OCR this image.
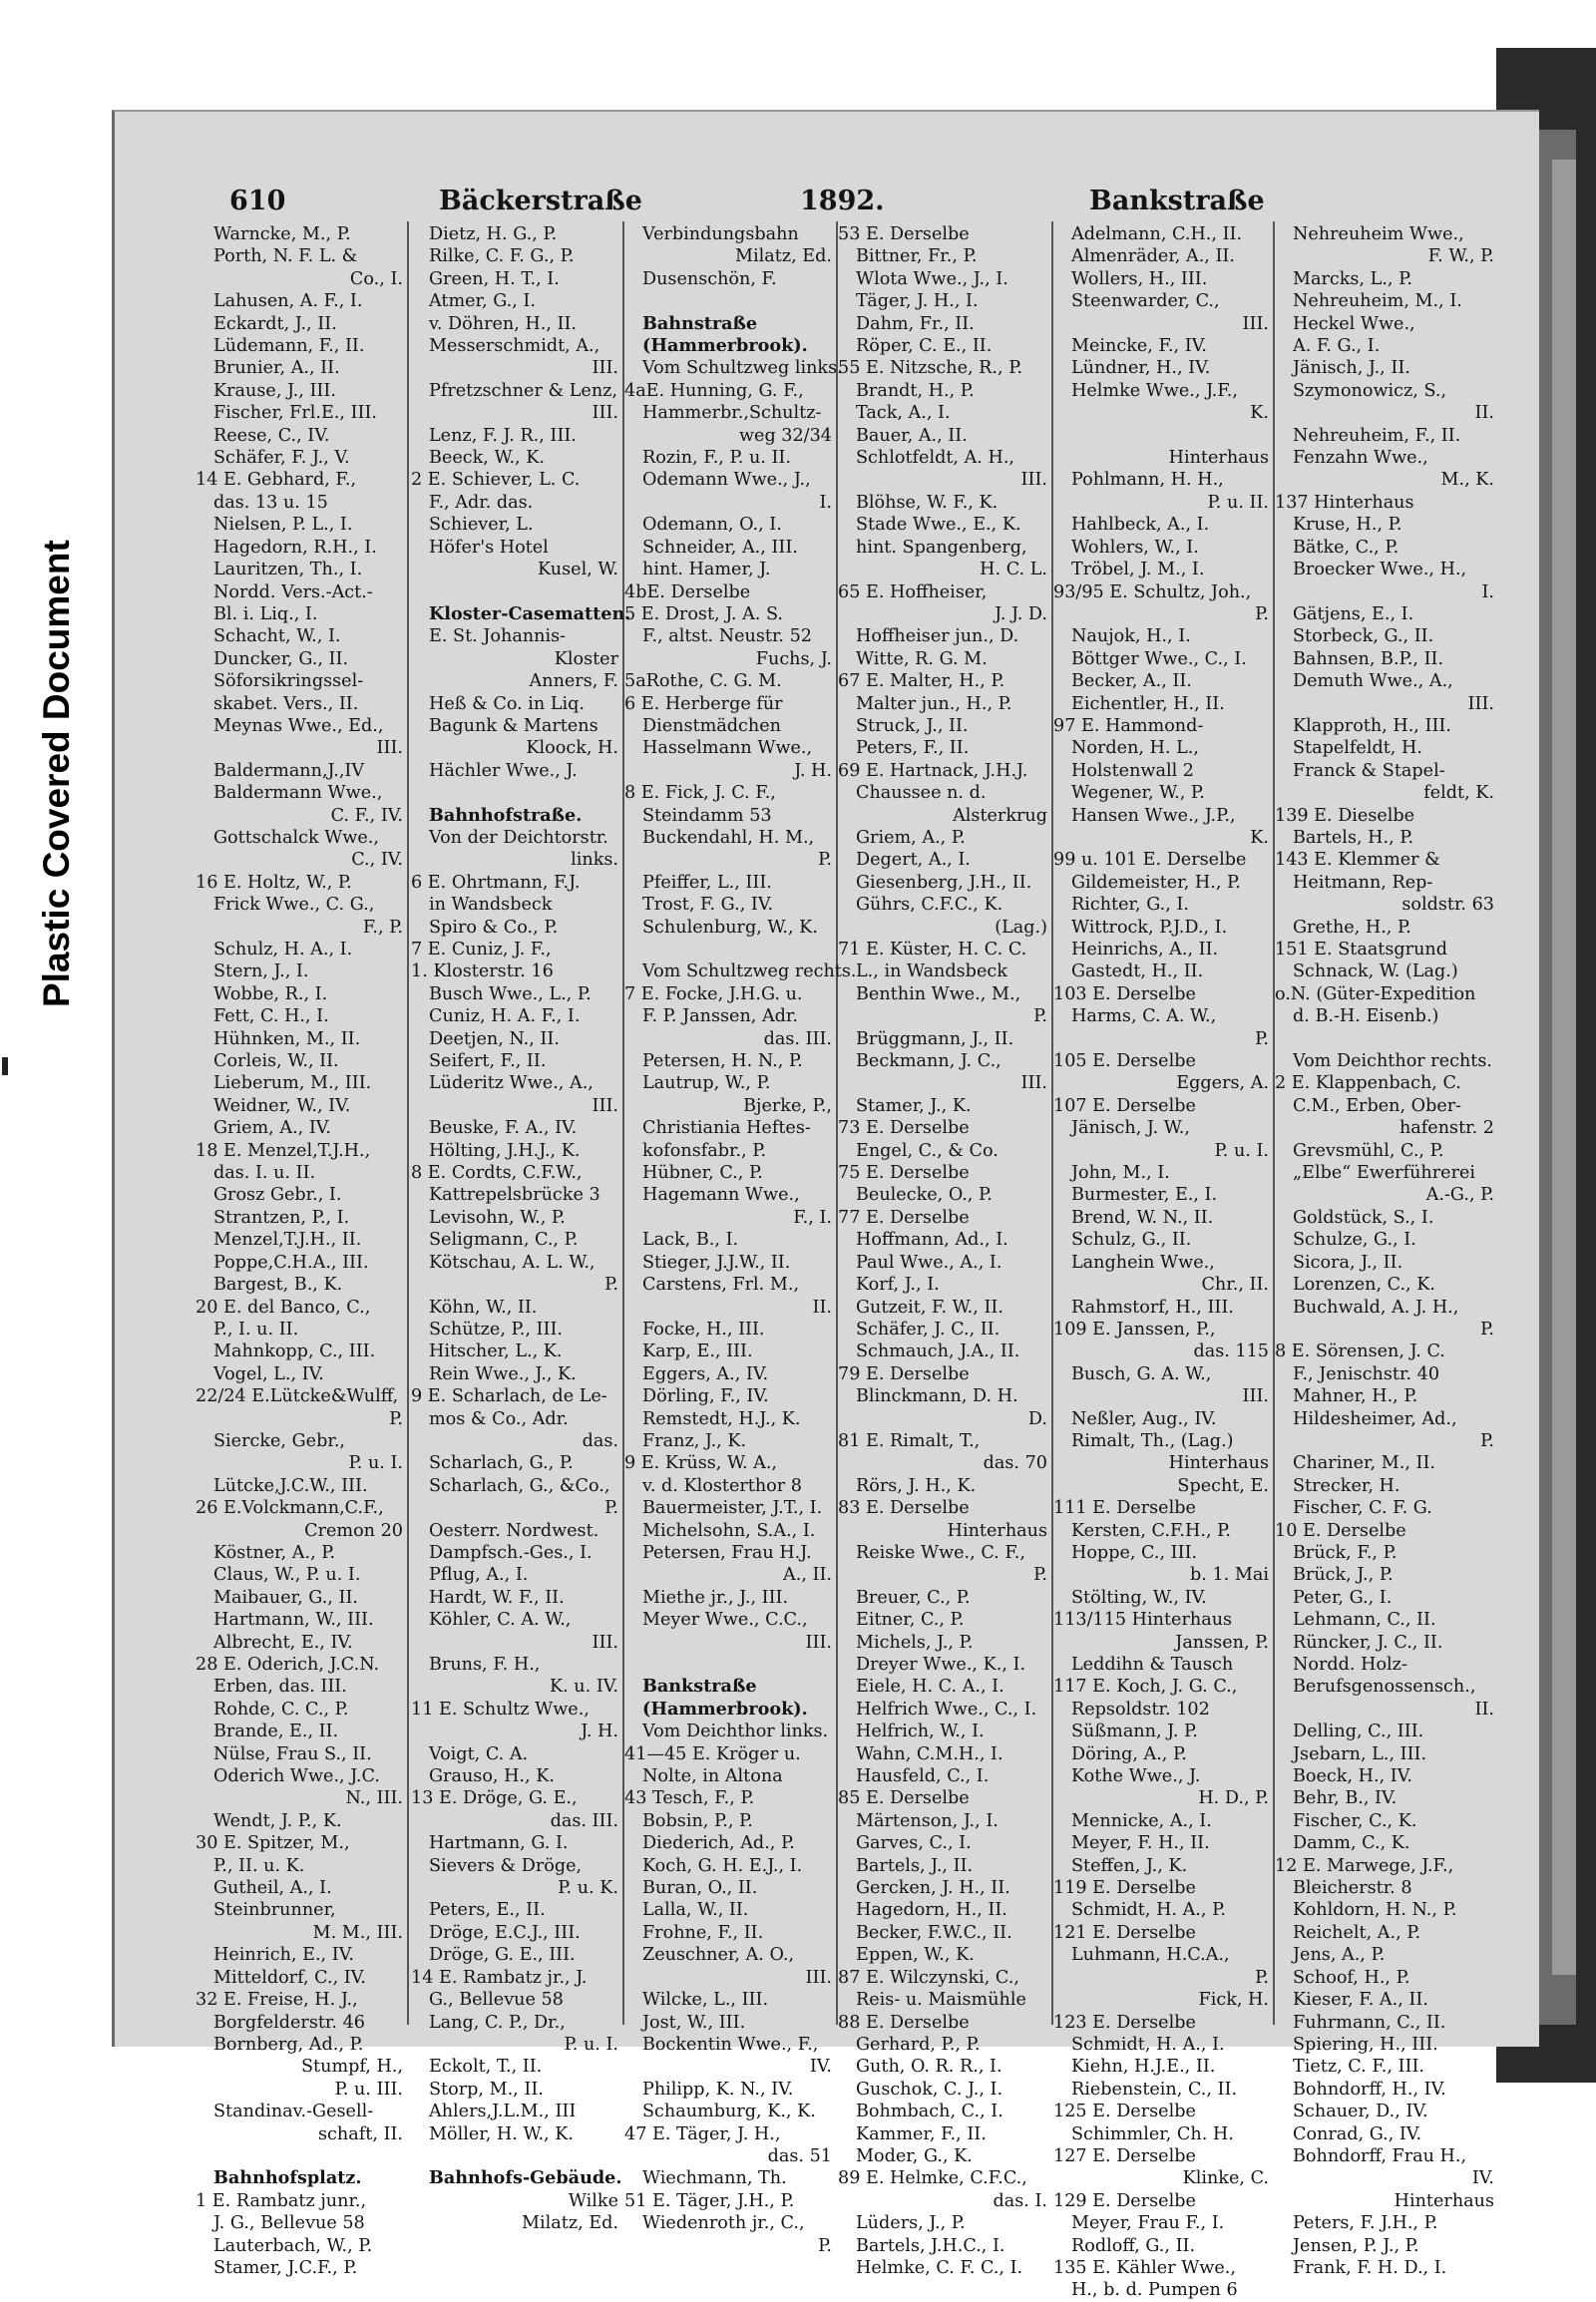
Plastic Covered Document
610	Bäckerstraße	1892.	Bankstraße
Warncke, M., P.
Porth, N. F. L. &
Co., I.
Lahusen, A. F., I.
Eckardt, J., II.
Lüdemann, F., II.
Brunier, A., II.
Krause, J., III.
Fischer, Frl.E., III.
Reese, C., IV.
Schäfer, F. J., V.
14 E. Gebhard, F.,
das. 13 u. 15
Nielsen, P. L., I.
Hagedorn, R.H., I.
Lauritzen, Th., I.
Nordd. Vers.-Act.-
Bl. i. Liq., I.
Schacht, W., I.
Duncker, G., II.
Söforsikringssel-
skabet. Vers., II.
Meynas Wwe., Ed.,
III.
Baldermann,J.,IV
Baldermann Wwe.,
C. F., IV.
Gottschalck Wwe.,
C., IV.
16 E. Holtz, W., P.
Frick Wwe., C. G.,
F., P.
Schulz, H. A., I.
Stern, J., I.
Wobbe, R., I.
Fett, C. H., I.
Hühnken, M., II.
Corleis, W., II.
Lieberum, M., III.
Weidner, W., IV.
Griem, A., IV.
18 E. Menzel,T.J.H.,
das. I. u. II.
Grosz Gebr., I.
Strantzen, P., I.
Menzel,T.J.H., II.
Poppe,C.H.A., III.
Bargest, B., K.
20 E. del Banco, C.,
P., I. u. II.
Mahnkopp, C., III.
Vogel, L., IV.
22/24 E.Lütcke&Wulff,
P.
Siercke, Gebr.,
P. u. I.
Lütcke,J.C.W., III.
26 E.Volckmann,C.F.,
Cremon 20
Köstner, A., P.
Claus, W., P. u. I.
Maibauer, G., II.
Hartmann, W., III.
Albrecht, E., IV.
28 E. Oderich, J.C.N.
Erben, das. III.
Rohde, C. C., P.
Brande, E., II.
Nülse, Frau S., II.
Oderich Wwe., J.C.
N., III.
Wendt, J. P., K.
30 E. Spitzer, M.,
P., II. u. K.
Gutheil, A., I.
Steinbrunner,
M. M., III.
Heinrich, E., IV.
Mitteldorf, C., IV.
32 E. Freise, H. J.,
Borgfelderstr. 46
Bornberg, Ad., P.
Stumpf, H.,
P. u. III.
Standinav.-Gesell-
schaft, II.

Bahnhofsplatz.
1 E. Rambatz junr.,
J. G., Bellevue 58
Lauterbach, W., P.
Stamer, J.C.F., P.
Dietz, H. G., P.
Rilke, C. F. G., P.
Green, H. T., I.
Atmer, G., I.
v. Döhren, H., II.
Messerschmidt, A.,
III.
Pfretzschner & Lenz,
III.
Lenz, F. J. R., III.
Beeck, W., K.
2 E. Schiever, L. C.
F., Adr. das.
Schiever, L.
Höfer's Hotel
Kusel, W.

Kloster-Casematten.
E. St. Johannis-
Kloster
Anners, F.
Heß & Co. in Liq.
Bagunk & Martens
Kloock, H.
Hächler Wwe., J.

Bahnhofstraße.
Von der Deichtorstr.
links.
6 E. Ohrtmann, F.J.
in Wandsbeck
Spiro & Co., P.
7 E. Cuniz, J. F.,
1. Klosterstr. 16
Busch Wwe., L., P.
Cuniz, H. A. F., I.
Deetjen, N., II.
Seifert, F., II.
Lüderitz Wwe., A.,
III.
Beuske, F. A., IV.
Hölting, J.H.J., K.
8 E. Cordts, C.F.W.,
Kattrepelsbrücke 3
Levisohn, W., P.
Seligmann, C., P.
Kötschau, A. L. W.,
P.
Köhn, W., II.
Schütze, P., III.
Hitscher, L., K.
Rein Wwe., J., K.
9 E. Scharlach, de Le-
mos & Co., Adr.
das.
Scharlach, G., P.
Scharlach, G., &Co.,
P.
Oesterr. Nordwest.
Dampfsch.-Ges., I.
Pflug, A., I.
Hardt, W. F., II.
Köhler, C. A. W.,
III.
Bruns, F. H.,
K. u. IV.
11 E. Schultz Wwe.,
J. H.
Voigt, C. A.
Grauso, H., K.
13 E. Dröge, G. E.,
das. III.
Hartmann, G. I.
Sievers & Dröge,
P. u. K.
Peters, E., II.
Dröge, E.C.J., III.
Dröge, G. E., III.
14 E. Rambatz jr., J.
G., Bellevue 58
Lang, C. P., Dr.,
P. u. I.
Eckolt, T., II.
Storp, M., II.
Ahlers,J.L.M., III
Möller, H. W., K.

Bahnhofs-Gebäude.
Wilke
Milatz, Ed.
Verbindungsbahn
Milatz, Ed.
Dusenschön, F.

Bahnstraße
(Hammerbrook).
Vom Schultzweg links.
4aE. Hunning, G. F.,
Hammerbr.,Schultz-
weg 32/34
Rozin, F., P. u. II.
Odemann Wwe., J.,
I.
Odemann, O., I.
Schneider, A., III.
hint. Hamer, J.
4bE. Derselbe
5 E. Drost, J. A. S.
F., altst. Neustr. 52
Fuchs, J.
5aRothe, C. G. M.
6 E. Herberge für
Dienstmädchen
Hasselmann Wwe.,
J. H.
8 E. Fick, J. C. F.,
Steindamm 53
Buckendahl, H. M.,
P.
Pfeiffer, L., III.
Trost, F. G., IV.
Schulenburg, W., K.

Vom Schultzweg rechts.
7 E. Focke, J.H.G. u.
F. P. Janssen, Adr.
das. III.
Petersen, H. N., P.
Lautrup, W., P.
Bjerke, P.,
Christiania Heftes-
kofonsfabr., P.
Hübner, C., P.
Hagemann Wwe.,
F., I.
Lack, B., I.
Stieger, J.J.W., II.
Carstens, Frl. M.,
II.
Focke, H., III.
Karp, E., III.
Eggers, A., IV.
Dörling, F., IV.
Remstedt, H.J., K.
Franz, J., K.
9 E. Krüss, W. A.,
v. d. Klosterthor 8
Bauermeister, J.T., I.
Michelsohn, S.A., I.
Petersen, Frau H.J.
A., II.
Miethe jr., J., III.
Meyer Wwe., C.C.,
III.

Bankstraße
(Hammerbrook).
Vom Deichthor links.
41—45 E. Kröger u.
Nolte, in Altona
43 Tesch, F., P.
Bobsin, P., P.
Diederich, Ad., P.
Koch, G. H. E.J., I.
Buran, O., II.
Lalla, W., II.
Frohne, F., II.
Zeuschner, A. O.,
III.
Wilcke, L., III.
Jost, W., III.
Bockentin Wwe., F.,
IV.
Philipp, K. N., IV.
Schaumburg, K., K.
47 E. Täger, J. H.,
das. 51
Wiechmann, Th.
51 E. Täger, J.H., P.
Wiedenroth jr., C.,
P.
53 E. Derselbe
Bittner, Fr., P.
Wlota Wwe., J., I.
Täger, J. H., I.
Dahm, Fr., II.
Röper, C. E., II.
55 E. Nitzsche, R., P.
Brandt, H., P.
Tack, A., I.
Bauer, A., II.
Schlotfeldt, A. H.,
III.
Blöhse, W. F., K.
Stade Wwe., E., K.
hint. Spangenberg,
H. C. L.
65 E. Hoffheiser,
J. J. D.
Hoffheiser jun., D.
Witte, R. G. M.
67 E. Malter, H., P.
Malter jun., H., P.
Struck, J., II.
Peters, F., II.
69 E. Hartnack, J.H.J.
Chaussee n. d.
Alsterkrug
Griem, A., P.
Degert, A., I.
Giesenberg, J.H., II.
Gührs, C.F.C., K.
(Lag.)
71 E. Küster, H. C. C.
L., in Wandsbeck
Benthin Wwe., M.,
P.
Brüggmann, J., II.
Beckmann, J. C.,
III.
Stamer, J., K.
73 E. Derselbe
Engel, C., & Co.
75 E. Derselbe
Beulecke, O., P.
77 E. Derselbe
Hoffmann, Ad., I.
Paul Wwe., A., I.
Korf, J., I.
Gutzeit, F. W., II.
Schäfer, J. C., II.
Schmauch, J.A., II.
79 E. Derselbe
Blinckmann, D. H.
D.
81 E. Rimalt, T.,
das. 70
Rörs, J. H., K.
83 E. Derselbe
Hinterhaus
Reiske Wwe., C. F.,
P.
Breuer, C., P.
Eitner, C., P.
Michels, J., P.
Dreyer Wwe., K., I.
Eiele, H. C. A., I.
Helfrich Wwe., C., I.
Helfrich, W., I.
Wahn, C.M.H., I.
Hausfeld, C., I.
85 E. Derselbe
Märtenson, J., I.
Garves, C., I.
Bartels, J., II.
Gercken, J. H., II.
Hagedorn, H., II.
Becker, F.W.C., II.
Eppen, W., K.
87 E. Wilczynski, C.,
Reis- u. Maismühle
88 E. Derselbe
Gerhard, P., P.
Guth, O. R. R., I.
Guschok, C. J., I.
Bohmbach, C., I.
Kammer, F., II.
Moder, G., K.
89 E. Helmke, C.F.C.,
das. I.
Lüders, J., P.
Bartels, J.H.C., I.
Helmke, C. F. C., I.
Adelmann, C.H., II.
Almenräder, A., II.
Wollers, H., III.
Steenwarder, C.,
III.
Meincke, F., IV.
Lündner, H., IV.
Helmke Wwe., J.F.,
K.

Hinterhaus
Pohlmann, H. H.,
P. u. II.
Hahlbeck, A., I.
Wohlers, W., I.
Tröbel, J. M., I.
93/95 E. Schultz, Joh.,
P.
Naujok, H., I.
Böttger Wwe., C., I.
Becker, A., II.
Eichentler, H., II.
97 E. Hammond-
Norden, H. L.,
Holstenwall 2
Wegener, W., P.
Hansen Wwe., J.P.,
K.
99 u. 101 E. Derselbe
Gildemeister, H., P.
Richter, G., I.
Wittrock, P.J.D., I.
Heinrichs, A., II.
Gastedt, H., II.
103 E. Derselbe
Harms, C. A. W.,
P.
105 E. Derselbe
Eggers, A.
107 E. Derselbe
Jänisch, J. W.,
P. u. I.
John, M., I.
Burmester, E., I.
Brend, W. N., II.
Schulz, G., II.
Langhein Wwe.,
Chr., II.
Rahmstorf, H., III.
109 E. Janssen, P.,
das. 115
Busch, G. A. W.,
III.
Neßler, Aug., IV.
Rimalt, Th., (Lag.)
Hinterhaus
Specht, E.
111 E. Derselbe
Kersten, C.F.H., P.
Hoppe, C., III.
b. 1. Mai
Stölting, W., IV.
113/115 Hinterhaus
Janssen, P.
Leddihn & Tausch
117 E. Koch, J. G. C.,
Repsoldstr. 102
Süßmann, J. P.
Döring, A., P.
Kothe Wwe., J.
H. D., P.
Mennicke, A., I.
Meyer, F. H., II.
Steffen, J., K.
119 E. Derselbe
Schmidt, H. A., P.
121 E. Derselbe
Luhmann, H.C.A.,
P.
Fick, H.
123 E. Derselbe
Schmidt, H. A., I.
Kiehn, H.J.E., II.
Riebenstein, C., II.
125 E. Derselbe
Schimmler, Ch. H.
127 E. Derselbe
Klinke, C.
129 E. Derselbe
Meyer, Frau F., I.
Rodloff, G., II.
135 E. Kähler Wwe.,
H., b. d. Pumpen 6
Nehreuheim Wwe.,
F. W., P.
Marcks, L., P.
Nehreuheim, M., I.
Heckel Wwe.,
A. F. G., I.
Jänisch, J., II.
Szymonowicz, S.,
II.
Nehreuheim, F., II.
Fenzahn Wwe.,
M., K.
137 Hinterhaus
Kruse, H., P.
Bätke, C., P.
Broecker Wwe., H.,
I.
Gätjens, E., I.
Storbeck, G., II.
Bahnsen, B.P., II.
Demuth Wwe., A.,
III.
Klapproth, H., III.
Stapelfeldt, H.
Franck & Stapel-
feldt, K.
139 E. Dieselbe
Bartels, H., P.
143 E. Klemmer &
Heitmann, Rep-
soldstr. 63
Grethe, H., P.
151 E. Staatsgrund
Schnack, W. (Lag.)
o.N. (Güter-Expedition
d. B.-H. Eisenb.)

Vom Deichthor rechts.
2 E. Klappenbach, C.
C.M., Erben, Ober-
hafenstr. 2
Grevsmühl, C., P.
„Elbe“ Ewerführerei
A.-G., P.
Goldstück, S., I.
Schulze, G., I.
Sicora, J., II.
Lorenzen, C., K.
Buchwald, A. J. H.,
P.
8 E. Sörensen, J. C.
F., Jenischstr. 40
Mahner, H., P.
Hildesheimer, Ad.,
P.
Chariner, M., II.
Strecker, H.
Fischer, C. F. G.
10 E. Derselbe
Brück, F., P.
Brück, J., P.
Peter, G., I.
Lehmann, C., II.
Rüncker, J. C., II.
Nordd. Holz-
Berufsgenossensch.,
II.
Delling, C., III.
Jsebarn, L., III.
Boeck, H., IV.
Behr, B., IV.
Fischer, C., K.
Damm, C., K.
12 E. Marwege, J.F.,
Bleicherstr. 8
Kohldorn, H. N., P.
Reichelt, A., P.
Jens, A., P.
Schoof, H., P.
Kieser, F. A., II.
Fuhrmann, C., II.
Spiering, H., III.
Tietz, C. F., III.
Bohndorff, H., IV.
Schauer, D., IV.
Conrad, G., IV.
Bohndorff, Frau H.,
IV.
Hinterhaus
Peters, F. J.H., P.
Jensen, P. J., P.
Frank, F. H. D., I.
